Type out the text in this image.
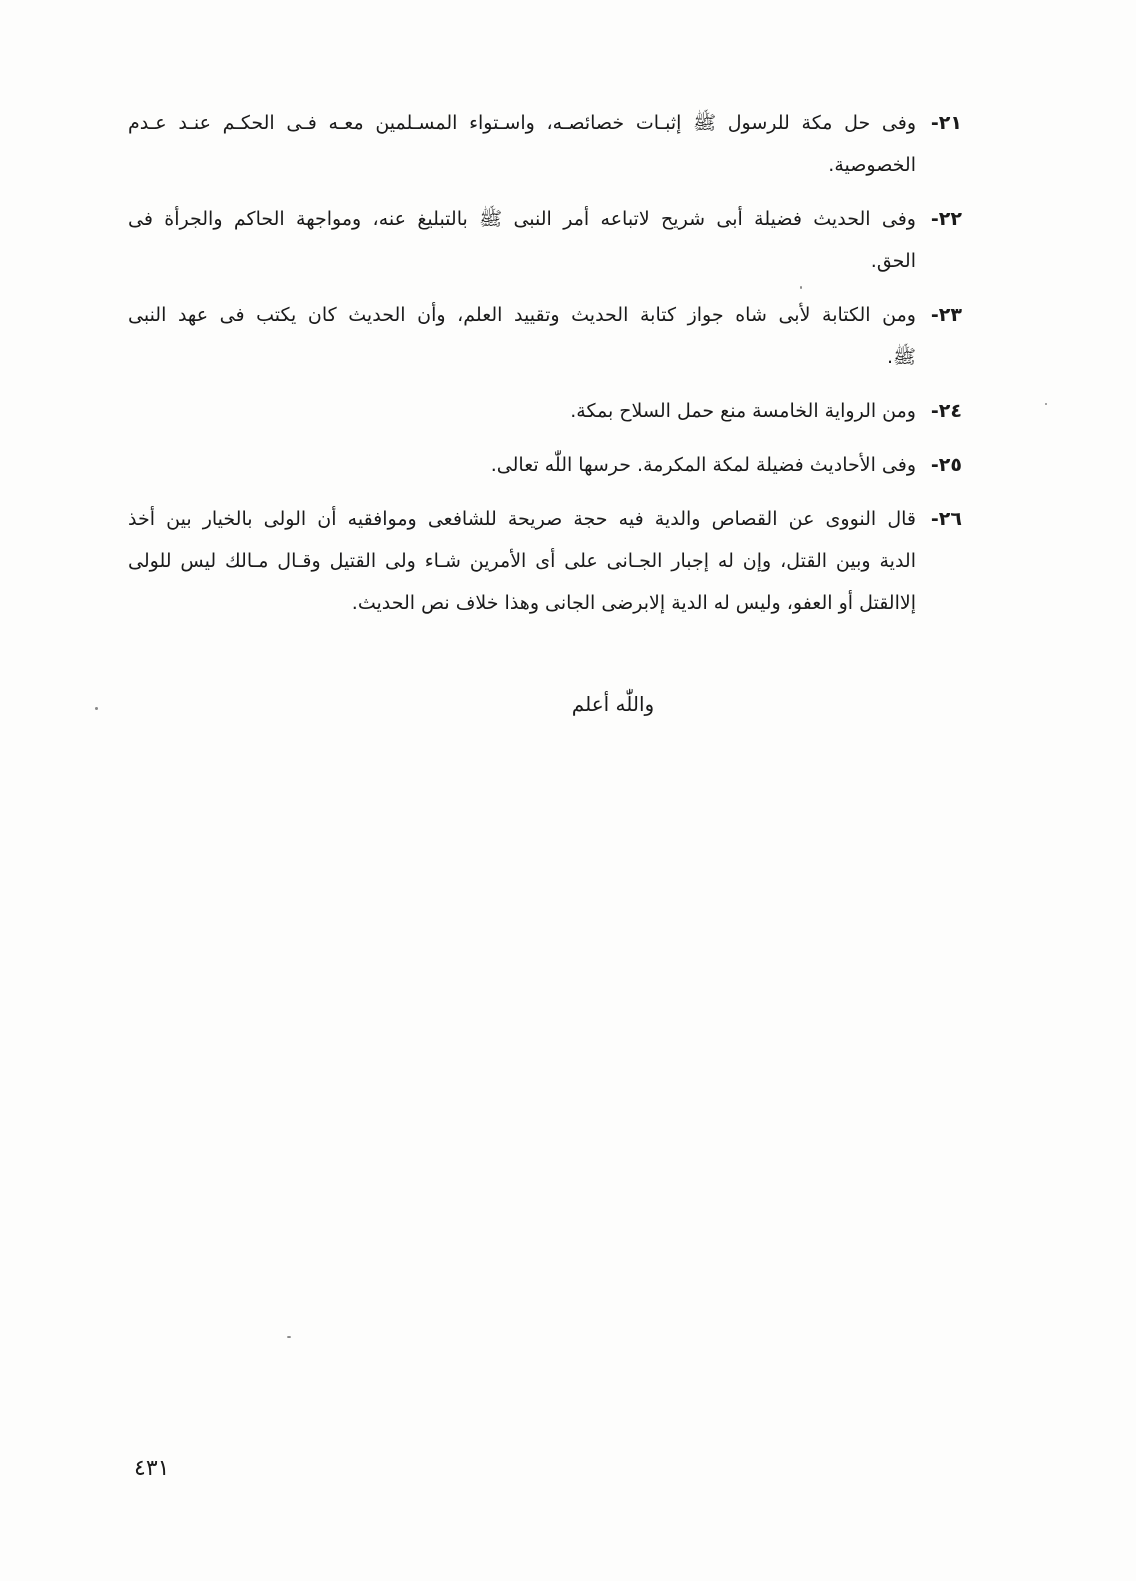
٢١-
وفى حل مكة للرسول ﷺ إثبـات خصائصـه، واسـتواء المسـلمين معـه فـى الحكـم عنـد عـدم
الخصوصية.
٢٢-
وفى الحديث فضيلة أبى شريح لاتباعه أمر النبى ﷺ بالتبليغ عنه، ومواجهة الحاكم والجرأة فى
الحق.
٢٣-
ومن الكتابة لأبى شاه جواز كتابة الحديث وتقييد العلم، وأن الحديث كان يكتب فى عهد النبى
ﷺ.
٢٤-
ومن الرواية الخامسة منع حمل السلاح بمكة.
٢٥-
وفى الأحاديث فضيلة لمكة المكرمة. حرسها اللّٰه تعالى.
٢٦-
قال النووى عن القصاص والدية فيه حجة صريحة للشافعى وموافقيه أن الولى بالخيار بين أخذ
الدية وبين القتل، وإن له إجبار الجـانى على أى الأمرين شـاء ولى القتيل وقـال مـالك ليس للولى
إلاالقتل أو العفو، وليس له الدية إلابرضى الجانى وهذا خلاف نص الحديث.
واللّٰه أعلم
٤٣١
